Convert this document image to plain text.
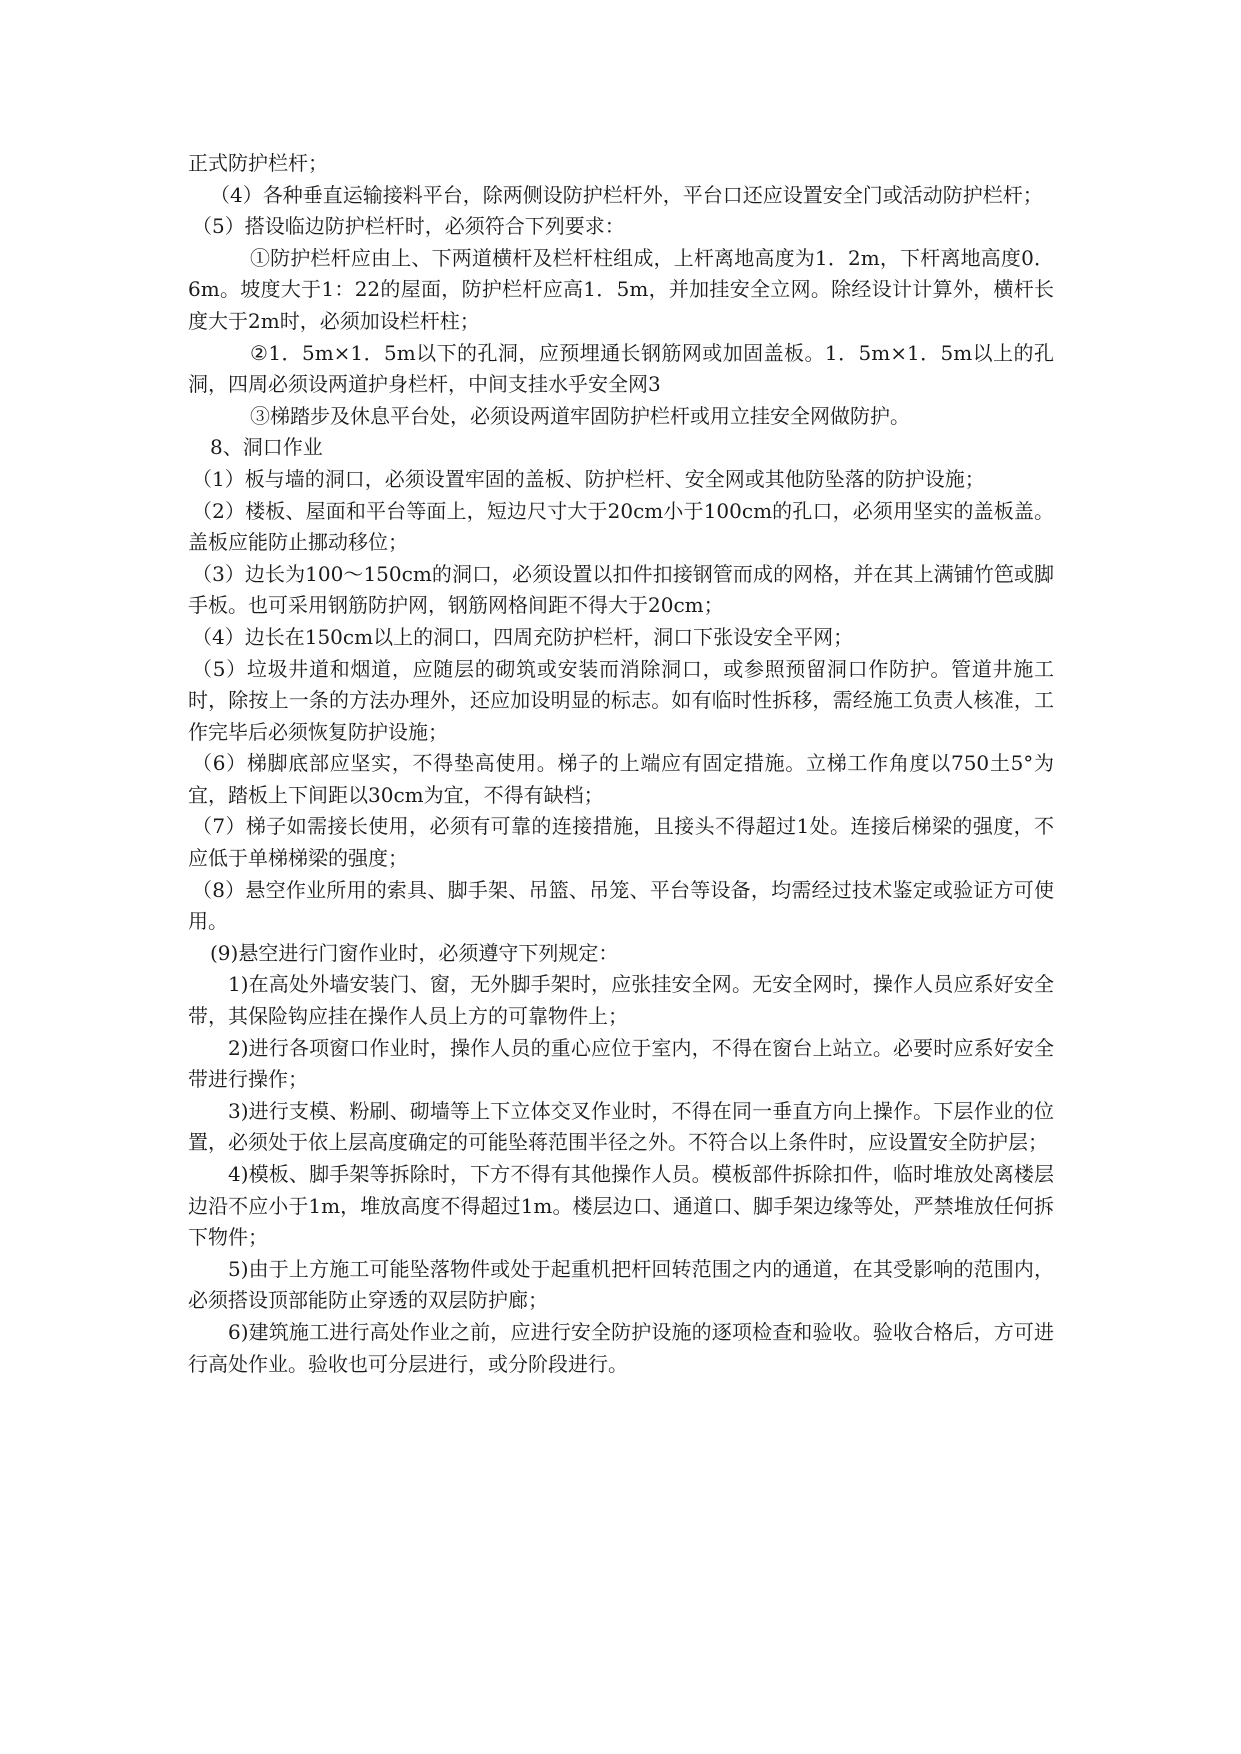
正式防护栏杆；

（4）各种垂直运输接料平台，除两侧设防护栏杆外，平台口还应设置安全门或活动防护栏杆；

（5）搭设临边防护栏杆时，必须符合下列要求：

①防护栏杆应由上、下两道横杆及栏杆柱组成，上杆离地高度为1．2m，下杆离地高度0．6m。坡度大于1：22的屋面，防护栏杆应高1．5m，并加挂安全立网。除经设计计算外，横杆长度大于2m时，必须加设栏杆柱；

②1．5m×1．5m以下的孔洞，应预埋通长钢筋网或加固盖板。1．5m×1．5m以上的孔洞，四周必须设两道护身栏杆，中间支挂水乎安全网3

③梯踏步及休息平台处，必须设两道牢固防护栏杆或用立挂安全网做防护。

8、洞口作业

（1）板与墙的洞口，必须设置牢固的盖板、防护栏杆、安全网或其他防坠落的防护设施；

（2）楼板、屋面和平台等面上，短边尺寸大于20cm小于100cm的孔口，必须用坚实的盖板盖。盖板应能防止挪动移位；

（3）边长为100～150cm的洞口，必须设置以扣件扣接钢管而成的网格，并在其上满铺竹笆或脚手板。也可采用钢筋防护网，钢筋网格间距不得大于20cm；

（4）边长在150cm以上的洞口，四周充防护栏杆，洞口下张设安全平网；

（5）垃圾井道和烟道，应随层的砌筑或安装而消除洞口，或参照预留洞口作防护。管道井施工时，除按上一条的方法办理外，还应加设明显的标志。如有临时性拆移，需经施工负责人核准，工作完毕后必须恢复防护设施；

（6）梯脚底部应坚实，不得垫高使用。梯子的上端应有固定措施。立梯工作角度以750土5°为宜，踏板上下间距以30cm为宜，不得有缺档；

（7）梯子如需接长使用，必须有可靠的连接措施，且接头不得超过1处。连接后梯梁的强度，不应低于单梯梯梁的强度；

（8）悬空作业所用的索具、脚手架、吊篮、吊笼、平台等设备，均需经过技术鉴定或验证方可使用。

(9)悬空进行门窗作业时，必须遵守下列规定：

1)在高处外墙安装门、窗，无外脚手架时，应张挂安全网。无安全网时，操作人员应系好安全带，其保险钩应挂在操作人员上方的可靠物件上；

2)进行各项窗口作业时，操作人员的重心应位于室内，不得在窗台上站立。必要时应系好安全带进行操作；

3)进行支模、粉刷、砌墙等上下立体交叉作业时，不得在同一垂直方向上操作。下层作业的位置，必须处于依上层高度确定的可能坠蒋范围半径之外。不符合以上条件时，应设置安全防护层；

4)模板、脚手架等拆除时，下方不得有其他操作人员。模板部件拆除扣件，临时堆放处离楼层边沿不应小于1m，堆放高度不得超过1m。楼层边口、通道口、脚手架边缘等处，严禁堆放任何拆下物件；

5)由于上方施工可能坠落物件或处于起重机把杆回转范围之内的通道，在其受影响的范围内，必须搭设顶部能防止穿透的双层防护廊；

6)建筑施工进行高处作业之前，应进行安全防护设施的逐项检查和验收。验收合格后，方可进行高处作业。验收也可分层进行，或分阶段进行。
